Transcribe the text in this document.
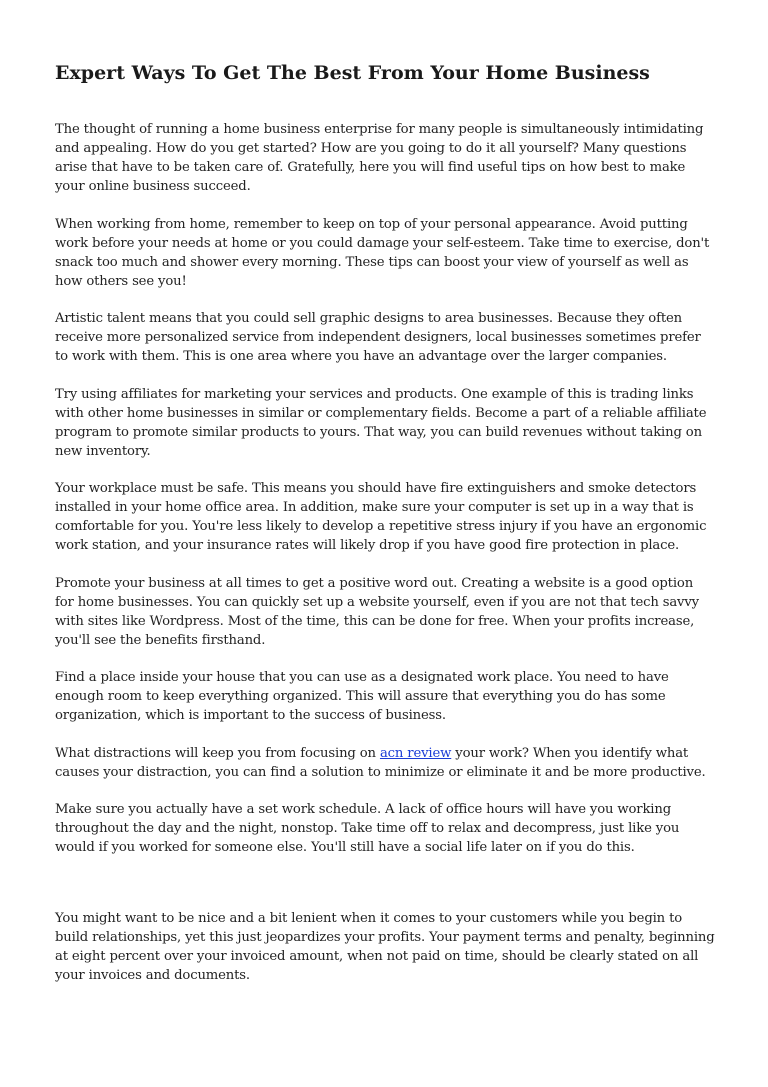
Expert Ways To Get The Best From Your Home Business

The thought of running a home business enterprise for many people is simultaneously intimidating and appealing. How do you get started? How are you going to do it all yourself? Many questions arise that have to be taken care of. Gratefully, here you will find useful tips on how best to make your online business succeed.

When working from home, remember to keep on top of your personal appearance. Avoid putting work before your needs at home or you could damage your self-esteem. Take time to exercise, don't snack too much and shower every morning. These tips can boost your view of yourself as well as how others see you!

Artistic talent means that you could sell graphic designs to area businesses. Because they often receive more personalized service from independent designers, local businesses sometimes prefer to work with them. This is one area where you have an advantage over the larger companies.

Try using affiliates for marketing your services and products. One example of this is trading links with other home businesses in similar or complementary fields. Become a part of a reliable affiliate program to promote similar products to yours. That way, you can build revenues without taking on new inventory.

Your workplace must be safe. This means you should have fire extinguishers and smoke detectors installed in your home office area. In addition, make sure your computer is set up in a way that is comfortable for you. You're less likely to develop a repetitive stress injury if you have an ergonomic work station, and your insurance rates will likely drop if you have good fire protection in place.

Promote your business at all times to get a positive word out. Creating a website is a good option for home businesses. You can quickly set up a website yourself, even if you are not that tech savvy with sites like Wordpress. Most of the time, this can be done for free. When your profits increase, you'll see the benefits firsthand.

Find a place inside your house that you can use as a designated work place. You need to have enough room to keep everything organized. This will assure that everything you do has some organization, which is important to the success of business.

What distractions will keep you from focusing on acn review your work? When you identify what causes your distraction, you can find a solution to minimize or eliminate it and be more productive.

Make sure you actually have a set work schedule. A lack of office hours will have you working throughout the day and the night, nonstop. Take time off to relax and decompress, just like you would if you worked for someone else. You'll still have a social life later on if you do this.

You might want to be nice and a bit lenient when it comes to your customers while you begin to build relationships, yet this just jeopardizes your profits. Your payment terms and penalty, beginning at eight percent over your invoiced amount, when not paid on time, should be clearly stated on all your invoices and documents.
